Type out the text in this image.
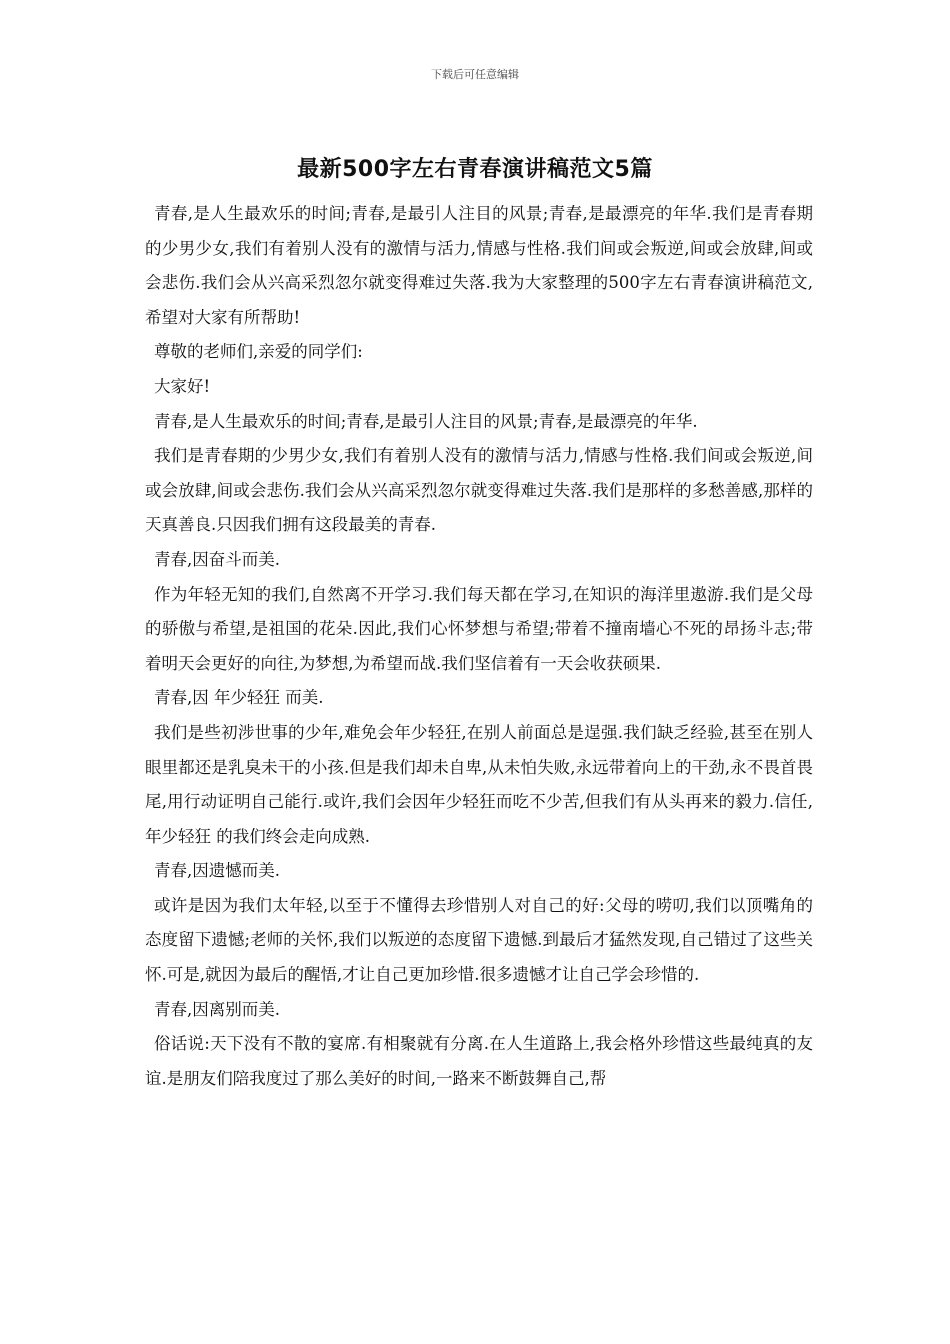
下载后可任意编辑
最新500字左右青春演讲稿范文5篇

青春,是人生最欢乐的时间;青春,是最引人注目的风景;青春,是最漂亮的年华.我们是青春期的少男少女,我们有着别人没有的激情与活力,情感与性格.我们间或会叛逆,间或会放肆,间或会悲伤.我们会从兴高采烈忽尔就变得难过失落.我为大家整理的500字左右青春演讲稿范文,希望对大家有所帮助!

尊敬的老师们,亲爱的同学们:

大家好!

青春,是人生最欢乐的时间;青春,是最引人注目的风景;青春,是最漂亮的年华.

我们是青春期的少男少女,我们有着别人没有的激情与活力,情感与性格.我们间或会叛逆,间或会放肆,间或会悲伤.我们会从兴高采烈忽尔就变得难过失落.我们是那样的多愁善感,那样的天真善良.只因我们拥有这段最美的青春.

青春,因奋斗而美.

作为年轻无知的我们,自然离不开学习.我们每天都在学习,在知识的海洋里遨游.我们是父母的骄傲与希望,是祖国的花朵.因此,我们心怀梦想与希望;带着不撞南墙心不死的昂扬斗志;带着明天会更好的向往,为梦想,为希望而战.我们坚信着有一天会收获硕果.

青春,因 年少轻狂 而美.

我们是些初涉世事的少年,难免会年少轻狂,在别人前面总是逞强.我们缺乏经验,甚至在别人眼里都还是乳臭未干的小孩.但是我们却未自卑,从未怕失败,永远带着向上的干劲,永不畏首畏尾,用行动证明自己能行.或许,我们会因年少轻狂而吃不少苦,但我们有从头再来的毅力.信任, 年少轻狂 的我们终会走向成熟.

青春,因遗憾而美.

或许是因为我们太年轻,以至于不懂得去珍惜别人对自己的好:父母的唠叨,我们以顶嘴角的态度留下遗憾;老师的关怀,我们以叛逆的态度留下遗憾.到最后才猛然发现,自己错过了这些关怀.可是,就因为最后的醒悟,才让自己更加珍惜.很多遗憾才让自己学会珍惜的.

青春,因离别而美.

俗话说:天下没有不散的宴席.有相聚就有分离.在人生道路上,我会格外珍惜这些最纯真的友谊.是朋友们陪我度过了那么美好的时间,一路来不断鼓舞自己,帮
